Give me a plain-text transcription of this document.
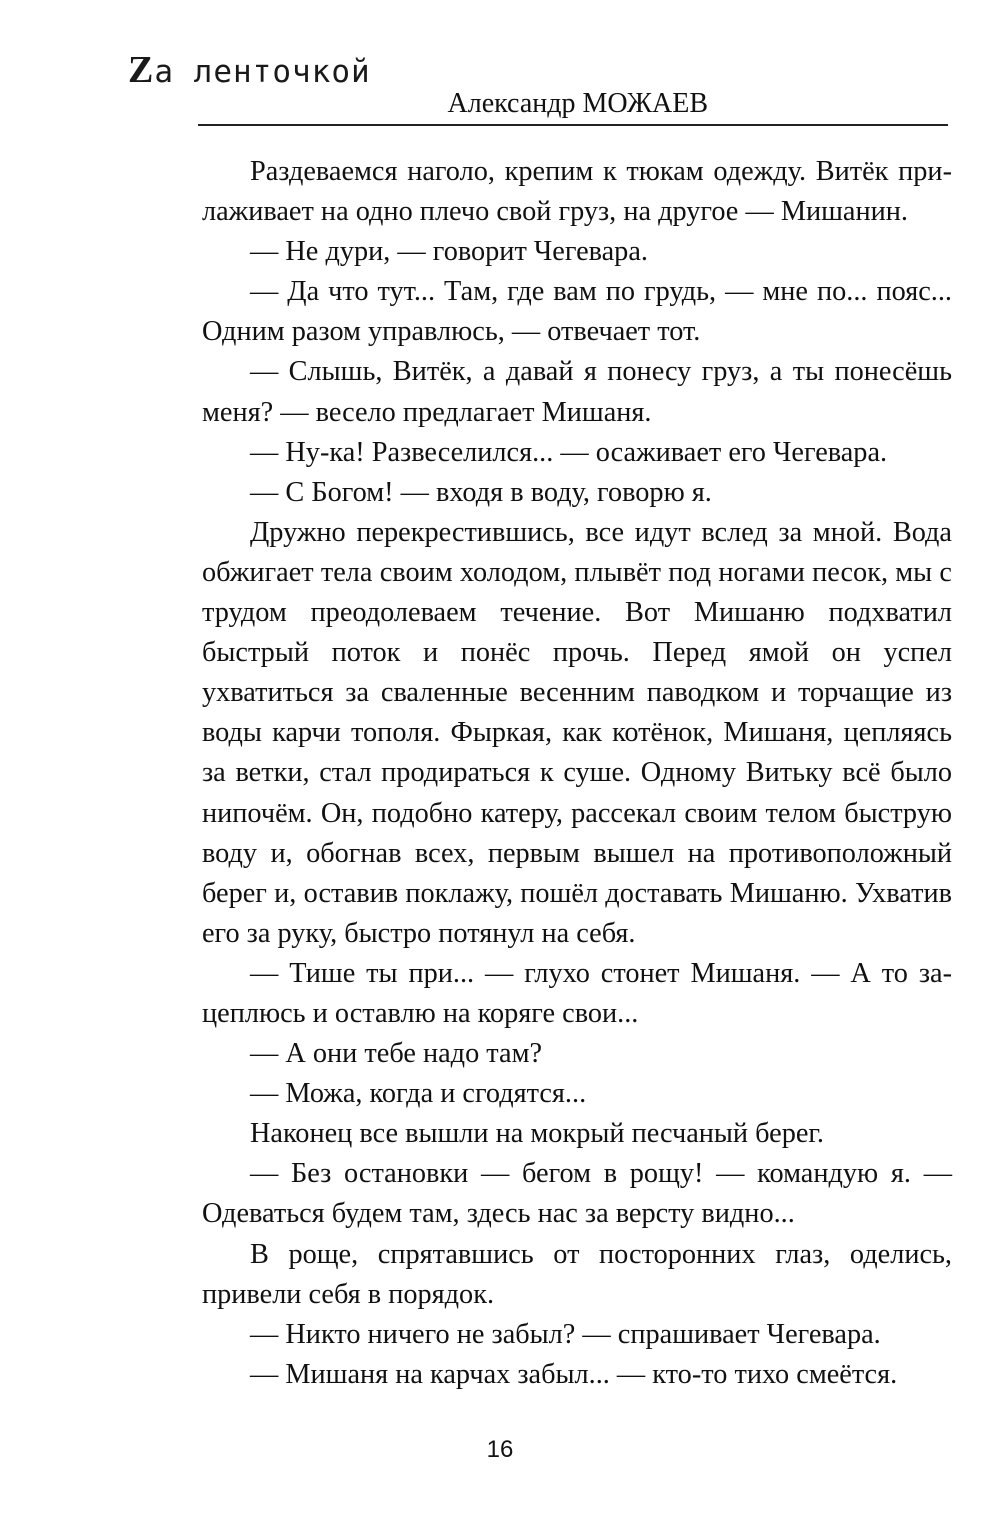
Zа ленточкой
Александр МОЖАЕВ

Раздеваемся наголо, крепим к тюкам одежду. Витёк прилаживает на одно плечо свой груз, на другое — Мишанин.

— Не дури, — говорит Чегевара.

— Да что тут... Там, где вам по грудь, — мне по... пояс... Одним разом управлюсь, — отвечает тот.

— Слышь, Витёк, а давай я понесу груз, а ты понесёшь меня? — весело предлагает Мишаня.

— Ну-ка! Развеселился... — осаживает его Чегевара.

— С Богом! — входя в воду, говорю я.

Дружно перекрестившись, все идут вслед за мной. Вода обжигает тела своим холодом, плывёт под ногами песок, мы с трудом преодолеваем течение. Вот Мишаню подхватил быстрый поток и понёс прочь. Перед ямой он успел ухватиться за сваленные весенним паводком и торчащие из воды карчи тополя. Фыркая, как котёнок, Мишаня, цепляясь за ветки, стал продираться к суше. Одному Витьку всё было нипочём. Он, подобно катеру, рассекал своим телом быструю воду и, обогнав всех, первым вышел на противоположный берег и, оставив поклажу, пошёл доставать Мишаню. Ухватив его за руку, быстро потянул на себя.

— Тише ты при... — глухо стонет Мишаня. — А то зацеплюсь и оставлю на коряге свои...

— А они тебе надо там?

— Можа, когда и сгодятся...

Наконец все вышли на мокрый песчаный берег.

— Без остановки — бегом в рощу! — командую я. — Одеваться будем там, здесь нас за версту видно...

В роще, спрятавшись от посторонних глаз, оделись, привели себя в порядок.

— Никто ничего не забыл? — спрашивает Чегевара.

— Мишаня на карчах забыл... — кто-то тихо смеётся.

16
